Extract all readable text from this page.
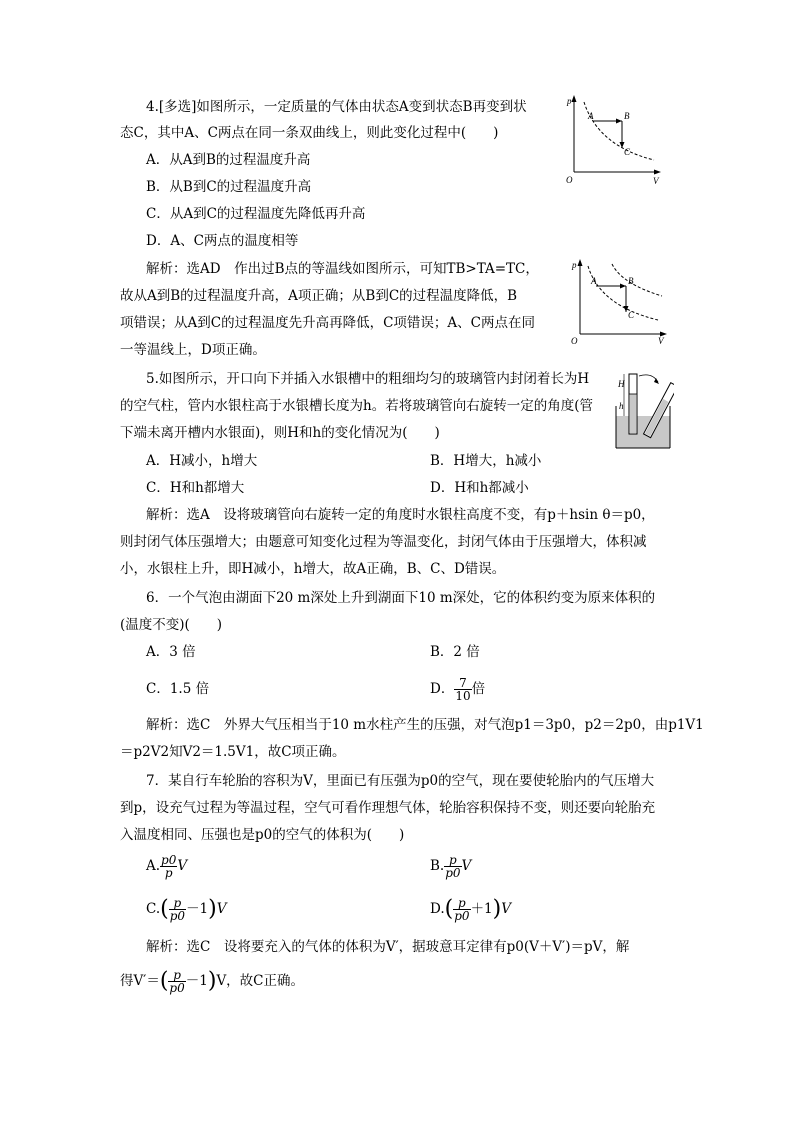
4.[多选]如图所示，一定质量的气体由状态A变到状态B再变到状
态C，其中A、C两点在同一条双曲线上，则此变化过程中(　　)
A．从A到B的过程温度升高
B．从B到C的过程温度升高
C．从A到C的过程温度先降低再升高
D．A、C两点的温度相等
解析：选AD　作出过B点的等温线如图所示，可知TB>TA=TC，
故从A到B的过程温度升高，A项正确；从B到C的过程温度降低，B
项错误；从A到C的过程温度先升高再降低，C项错误；A、C两点在同
一等温线上，D项正确。
p
A	B
C
O	V
p
A	B
C
O	V
5.如图所示，开口向下并插入水银槽中的粗细均匀的玻璃管内封闭着长为H
的空气柱，管内水银柱高于水银槽长度为h。若将玻璃管向右旋转一定的角度(管
下端未离开槽内水银面)，则H和h的变化情况为(　　)
A．H减小，h增大	B．H增大，h减小
C．H和h都增大	D．H和h都减小
解析：选A　设将玻璃管向右旋转一定的角度时水银柱高度不变，有p＋hsin θ＝p0，
则封闭气体压强增大；由题意可知变化过程为等温变化，封闭气体由于压强增大，体积减
小，水银柱上升，即H减小，h增大，故A正确，B、C、D错误。
H
h
6．一个气泡由湖面下20 m深处上升到湖面下10 m深处，它的体积约变为原来体积的
(温度不变)(　　)
A．3 倍	B．2 倍
C．1.5 倍	D． $\frac{7}{10}$ 倍
解析：选C　外界大气压相当于10 m水柱产生的压强，对气泡p1＝3p0，p2＝2p0，由p1V1
＝p2V2知V2＝1.5V1，故C项正确。
7．某自行车轮胎的容积为V，里面已有压强为p0的空气，现在要使轮胎内的气压增大
到p，设充气过程为等温过程，空气可看作理想气体，轮胎容积保持不变，则还要向轮胎充
入温度相同、压强也是p0的空气的体积为(　　)
A. $\frac{p0}{p}$ V	B. $\frac{p}{p0}$ V
$C.( \frac{p}{p0} -1)V$	$D.( \frac{p}{p0} +1)V$
解析：选C　设将要充入的气体的体积为V′，据玻意耳定律有p0(V＋V′)＝pV，解
得$V'=( \frac{p}{p0} -1)V$，故C正确。
